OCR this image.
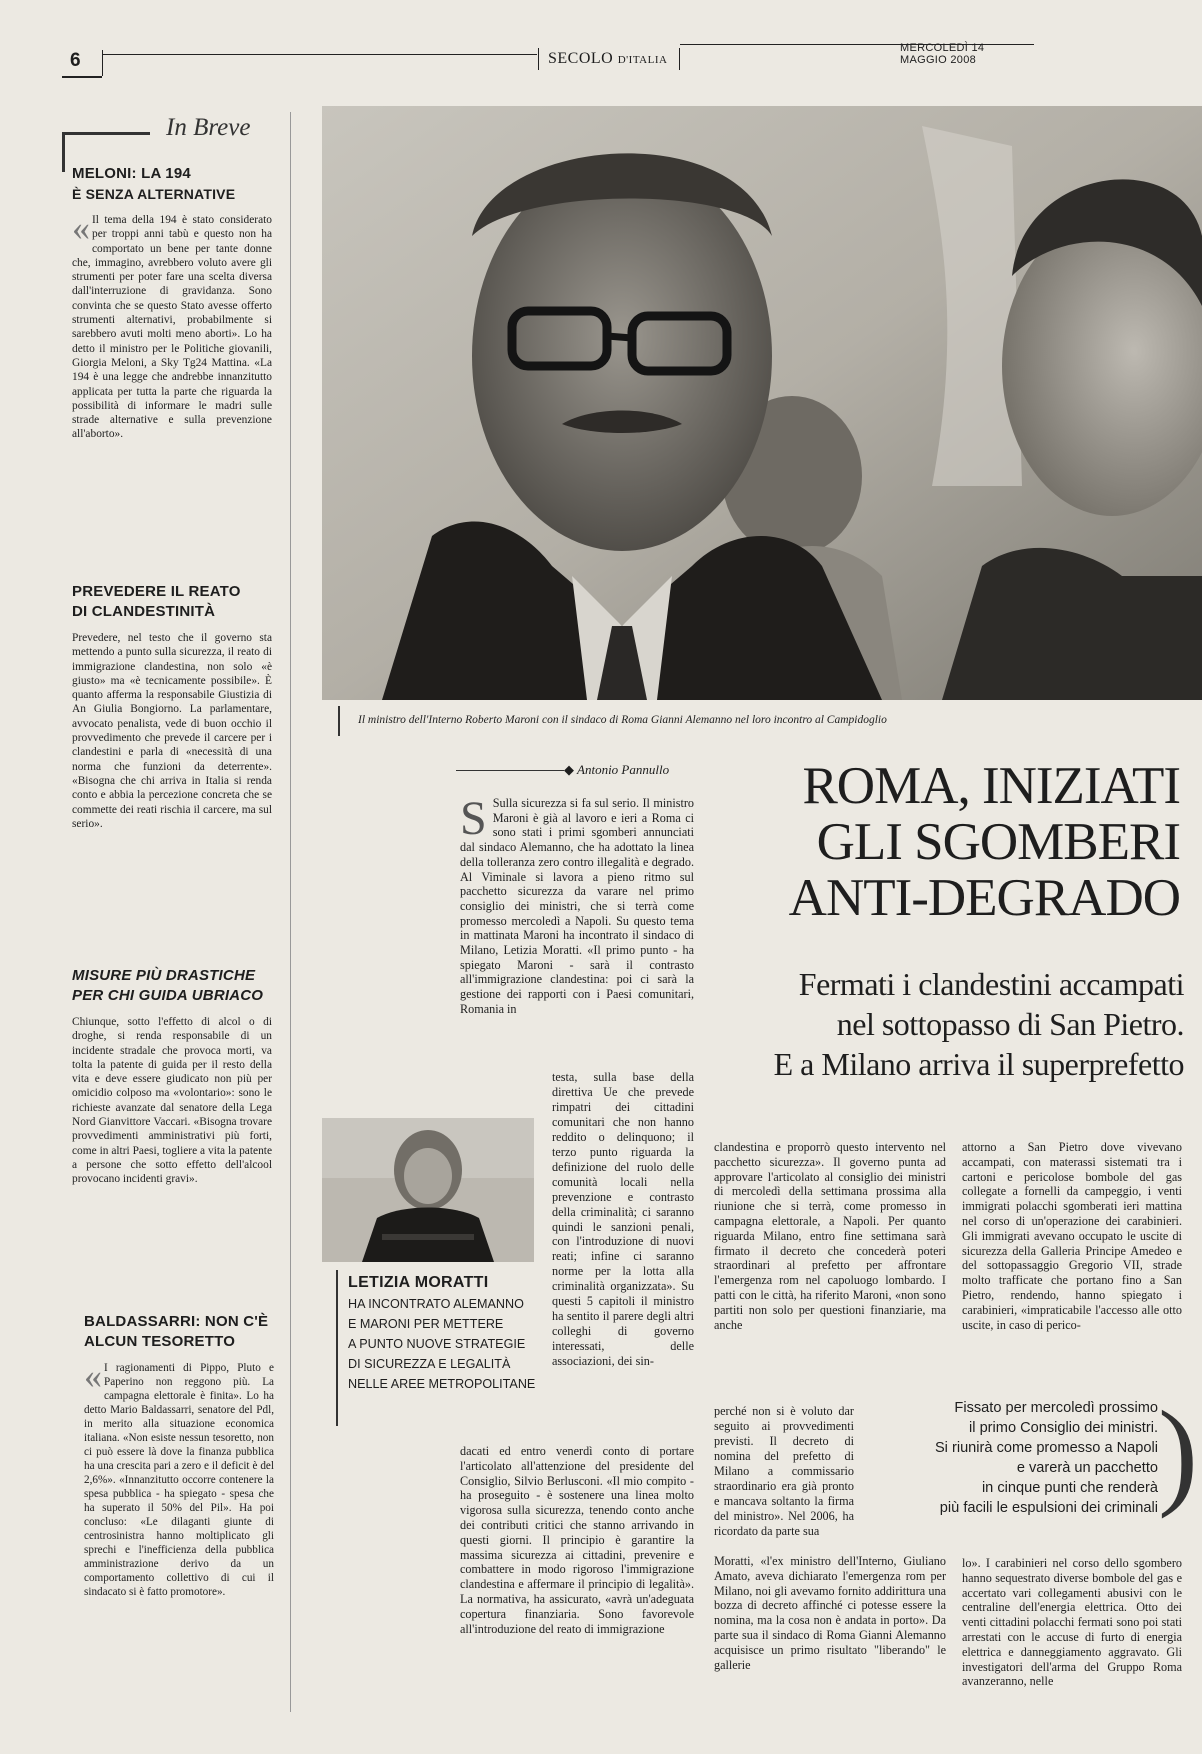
6	SECOLO D'ITALIA
MERCOLEDÌ 14 MAGGIO 2008
In Breve
MELONI: LA 194
È SENZA ALTERNATIVE
« Il tema della 194 è stato considerato per troppi anni tabù e questo non ha comportato un bene per tante donne che, immagino, avrebbero voluto avere gli strumenti per poter fare una scelta diversa dall'interruzione di gravidanza. Sono convinta che se questo Stato avesse offerto strumenti alternativi, probabilmente si sarebbero avuti molti meno aborti». Lo ha detto il ministro per le Politiche giovanili, Giorgia Meloni, a Sky Tg24 Mattina. «La 194 è una legge che andrebbe innanzitutto applicata per tutta la parte che riguarda la possibilità di informare le madri sulle strade alternative e sulla prevenzione all'aborto».
PREVEDERE IL REATO
DI CLANDESTINITÀ
Prevedere, nel testo che il governo sta mettendo a punto sulla sicurezza, il reato di immigrazione clandestina, non solo «è giusto» ma «è tecnicamente possibile». È quanto afferma la responsabile Giustizia di An Giulia Bongiorno. La parlamentare, avvocato penalista, vede di buon occhio il provvedimento che prevede il carcere per i clandestini e parla di «necessità di una norma che funzioni da deterrente». «Bisogna che chi arriva in Italia si renda conto e abbia la percezione concreta che se commette dei reati rischia il carcere, ma sul serio».
MISURE PIÙ DRASTICHE
PER CHI GUIDA UBRIACO
Chiunque, sotto l'effetto di alcol o di droghe, si renda responsabile di un incidente stradale che provoca morti, va tolta la patente di guida per il resto della vita e deve essere giudicato non più per omicidio colposo ma «volontario»: sono le richieste avanzate dal senatore della Lega Nord Gianvittore Vaccari. «Bisogna trovare provvedimenti amministrativi più forti, come in altri Paesi, togliere a vita la patente a persone che sotto effetto dell'alcool provocano incidenti gravi».
BALDASSARRI: NON C'È
ALCUN TESORETTO
« I ragionamenti di Pippo, Pluto e Paperino non reggono più. La campagna elettorale è finita». Lo ha detto Mario Baldassarri, senatore del Pdl, in merito alla situazione economica italiana. «Non esiste nessun tesoretto, non ci può essere là dove la finanza pubblica ha una crescita pari a zero e il deficit è del 2,6%». «Innanzitutto occorre contenere la spesa pubblica - ha spiegato - spesa che ha superato il 50% del Pil». Ha poi concluso: «Le dilaganti giunte di centrosinistra hanno moltiplicato gli sprechi e l'inefficienza della pubblica amministrazione derivo da un comportamento collettivo di cui il sindacato si è fatto promotore».
Il ministro dell'Interno Roberto Maroni con il sindaco di Roma Gianni Alemanno nel loro incontro al Campidoglio
◆ Antonio Pannullo	ROMA, INIZIATI
GLI SGOMBERI
ANTI-DEGRADO
Fermati i clandestini accampati
nel sottopasso di San Pietro.
E a Milano arriva il superprefetto
S Sulla sicurezza si fa sul serio. Il ministro Maroni è già al lavoro e ieri a Roma ci sono stati i primi sgomberi annunciati dal sindaco Alemanno, che ha adottato la linea della tolleranza zero contro illegalità e degrado. Al Viminale si lavora a pieno ritmo sul pacchetto sicurezza da varare nel primo consiglio dei ministri, che si terrà come promesso mercoledì a Napoli. Su questo tema in mattinata Maroni ha incontrato il sindaco di Milano, Letizia Moratti. «Il primo punto - ha spiegato Maroni - sarà il contrasto all'immigrazione clandestina: poi ci sarà la gestione dei rapporti con i Paesi comunitari, Romania in
LETIZIA MORATTI
HA INCONTRATO ALEMANNO
E MARONI PER METTERE
A PUNTO NUOVE STRATEGIE
DI SICUREZZA E LEGALITÀ
NELLE AREE METROPOLITANE
testa, sulla base della direttiva Ue che prevede rimpatri dei cittadini comunitari che non hanno reddito o delinquono; il terzo punto riguarda la definizione del ruolo delle comunità locali nella prevenzione e contrasto della criminalità; ci saranno quindi le sanzioni penali, con l'introduzione di nuovi reati; infine ci saranno norme per la lotta alla criminalità organizzata». Su questi 5 capitoli il ministro ha sentito il parere degli altri colleghi di governo interessati, delle associazioni, dei sin-
dacati ed entro venerdì conto di portare l'articolato all'attenzione del presidente del Consiglio, Silvio Berlusconi. «Il mio compito - ha proseguito - è sostenere una linea molto vigorosa sulla sicurezza, tenendo conto anche dei contributi critici che stanno arrivando in questi giorni. Il principio è garantire la massima sicurezza ai cittadini, prevenire e combattere in modo rigoroso l'immigrazione clandestina e affermare il principio di legalità». La normativa, ha assicurato, «avrà un'adeguata copertura finanziaria. Sono favorevole all'introduzione del reato di immigrazione
clandestina e proporrò questo intervento nel pacchetto sicurezza». Il governo punta ad approvare l'articolato al consiglio dei ministri di mercoledì della settimana prossima alla riunione che si terrà, come promesso in campagna elettorale, a Napoli. Per quanto riguarda Milano, entro fine settimana sarà firmato il decreto che concederà poteri straordinari al prefetto per affrontare l'emergenza rom nel capoluogo lombardo. I patti con le città, ha riferito Maroni, «non sono partiti non solo per questioni finanziarie, ma anche
perché non si è voluto dar seguito ai provvedimenti previsti. Il decreto di nomina del prefetto di Milano a commissario straordinario era già pronto e mancava soltanto la firma del ministro». Nel 2006, ha ricordato da parte sua
Moratti, «l'ex ministro dell'Interno, Giuliano Amato, aveva dichiarato l'emergenza rom per Milano, noi gli avevamo fornito addirittura una bozza di decreto affinché ci potesse essere la nomina, ma la cosa non è andata in porto». Da parte sua il sindaco di Roma Gianni Alemanno acquisisce un primo risultato "liberando" le gallerie
attorno a San Pietro dove vivevano accampati, con materassi sistemati tra i cartoni e pericolose bombole del gas collegate a fornelli da campeggio, i venti immigrati polacchi sgomberati ieri mattina nel corso di un'operazione dei carabinieri. Gli immigrati avevano occupato le uscite di sicurezza della Galleria Principe Amedeo e del sottopassaggio Gregorio VII, strade molto trafficate che portano fino a San Pietro, rendendo, hanno spiegato i carabinieri, «impraticabile l'accesso alle otto uscite, in caso di perico-
Fissato per mercoledì prossimo
il primo Consiglio dei ministri.
Si riunirà come promesso a Napoli
e varerà un pacchetto
in cinque punti che renderà
più facili le espulsioni dei criminali )
lo». I carabinieri nel corso dello sgombero hanno sequestrato diverse bombole del gas e accertato vari collegamenti abusivi con le centraline dell'energia elettrica. Otto dei venti cittadini polacchi fermati sono poi stati arrestati con le accuse di furto di energia elettrica e danneggiamento aggravato. Gli investigatori dell'arma del Gruppo Roma avanzeranno, nelle
